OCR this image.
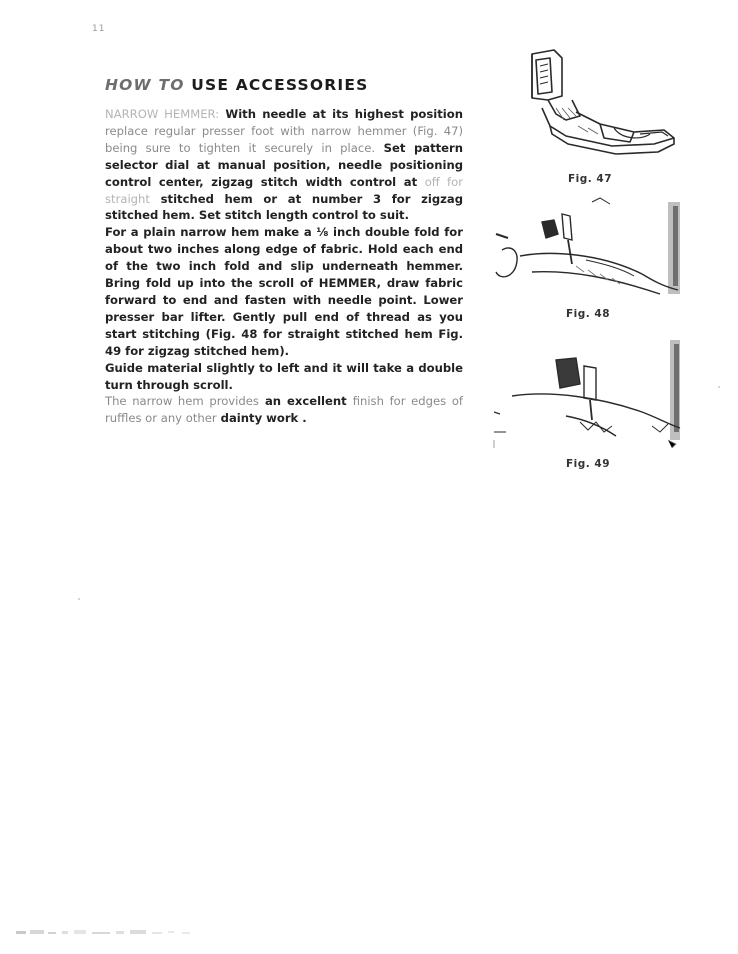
11
HOW TO USE ACCESSORIES

NARROW HEMMER: With needle at its highest position replace regular presser foot with narrow hemmer (Fig. 47) being sure to tighten it securely in place. Set pattern selector dial at manual position, needle positioning control center, zigzag stitch width control at off for straight stitched hem or at number 3 for zigzag stitched hem. Set stitch length control to suit.

For a plain narrow hem make a ⅛ inch double fold for about two inches along edge of fabric. Hold each end of the two inch fold and slip underneath hemmer. Bring fold up into the scroll of HEMMER, draw fabric forward to end and fasten with needle point. Lower presser bar lifter. Gently pull end of thread as you start stitching (Fig. 48 for straight stitched hem Fig. 49 for zigzag stitched hem).

Guide material slightly to left and it will take a double turn through scroll.

The narrow hem provides an excellent finish for edges of ruffles or any other dainty work .

Fig. 47
Fig. 48
Fig. 49
